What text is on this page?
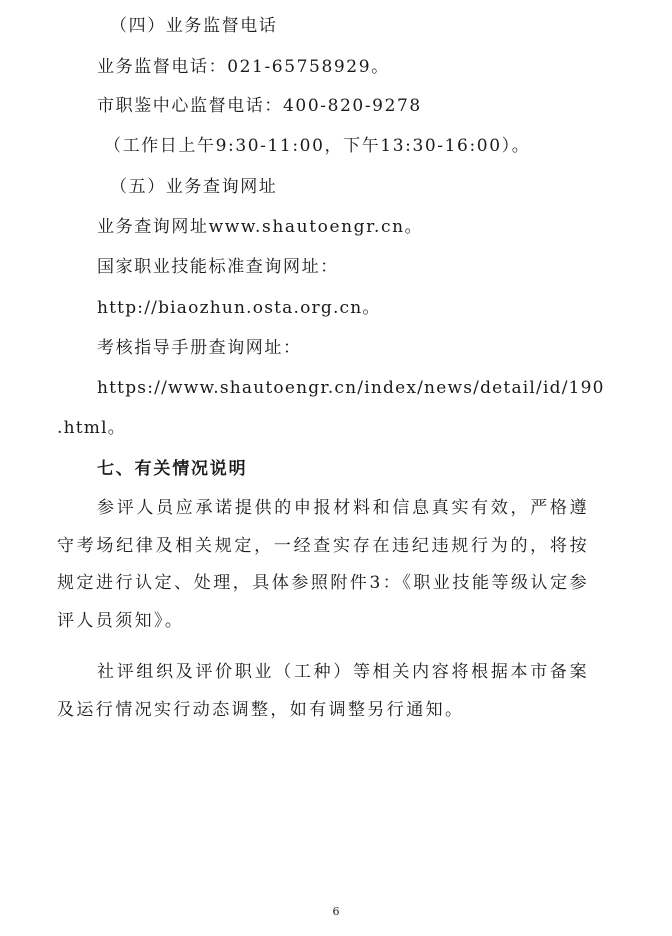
（四）业务监督电话
业务监督电话：021-65758929。
市职鉴中心监督电话：400-820-9278
（工作日上午9:30-11:00，下午13:30-16:00）。
（五）业务查询网址
业务查询网址www.shautoengr.cn。
国家职业技能标准查询网址：
http://biaozhun.osta.org.cn。
考核指导手册查询网址：
https://www.shautoengr.cn/index/news/detail/id/190
.html。
七、有关情况说明
参评人员应承诺提供的申报材料和信息真实有效，严格遵守考场纪律及相关规定，一经查实存在违纪违规行为的，将按规定进行认定、处理，具体参照附件3：《职业技能等级认定参评人员须知》。
社评组织及评价职业（工种）等相关内容将根据本市备案及运行情况实行动态调整，如有调整另行通知。
6
